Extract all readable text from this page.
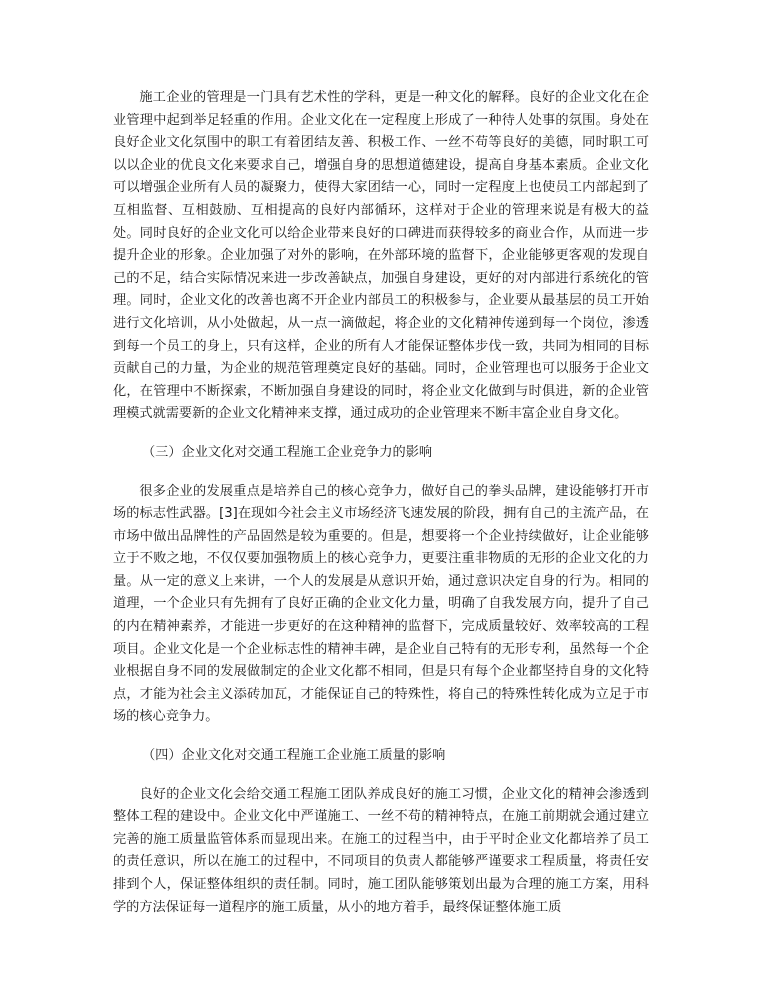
施工企业的管理是一门具有艺术性的学科，更是一种文化的解释。良好的企业文化在企业管理中起到举足轻重的作用。企业文化在一定程度上形成了一种待人处事的氛围。身处在良好企业文化氛围中的职工有着团结友善、积极工作、一丝不苟等良好的美德，同时职工可以以企业的优良文化来要求自己，增强自身的思想道德建设，提高自身基本素质。企业文化可以增强企业所有人员的凝聚力，使得大家团结一心，同时一定程度上也使员工内部起到了互相监督、互相鼓励、互相提高的良好内部循环，这样对于企业的管理来说是有极大的益处。同时良好的企业文化可以给企业带来良好的口碑进而获得较多的商业合作，从而进一步提升企业的形象。企业加强了对外的影响，在外部环境的监督下，企业能够更客观的发现自己的不足，结合实际情况来进一步改善缺点，加强自身建设，更好的对内部进行系统化的管理。同时，企业文化的改善也离不开企业内部员工的积极参与，企业要从最基层的员工开始进行文化培训，从小处做起，从一点一滴做起，将企业的文化精神传递到每一个岗位，渗透到每一个员工的身上，只有这样，企业的所有人才能保证整体步伐一致，共同为相同的目标贡献自己的力量，为企业的规范管理奠定良好的基础。同时，企业管理也可以服务于企业文化，在管理中不断探索，不断加强自身建设的同时，将企业文化做到与时俱进，新的企业管理模式就需要新的企业文化精神来支撑，通过成功的企业管理来不断丰富企业自身文化。

（三）企业文化对交通工程施工企业竞争力的影响

很多企业的发展重点是培养自己的核心竞争力，做好自己的拳头品牌，建设能够打开市场的标志性武器。[3]在现如今社会主义市场经济飞速发展的阶段，拥有自己的主流产品，在市场中做出品牌性的产品固然是较为重要的。但是，想要将一个企业持续做好，让企业能够立于不败之地，不仅仅要加强物质上的核心竞争力，更要注重非物质的无形的企业文化的力量。从一定的意义上来讲，一个人的发展是从意识开始，通过意识决定自身的行为。相同的道理，一个企业只有先拥有了良好正确的企业文化力量，明确了自我发展方向，提升了自己的内在精神素养，才能进一步更好的在这种精神的监督下，完成质量较好、效率较高的工程项目。企业文化是一个企业标志性的精神丰碑，是企业自己特有的无形专利，虽然每一个企业根据自身不同的发展做制定的企业文化都不相同，但是只有每个企业都坚持自身的文化特点，才能为社会主义添砖加瓦，才能保证自己的特殊性，将自己的特殊性转化成为立足于市场的核心竞争力。

（四）企业文化对交通工程施工企业施工质量的影响

良好的企业文化会给交通工程施工团队养成良好的施工习惯，企业文化的精神会渗透到整体工程的建设中。企业文化中严谨施工、一丝不苟的精神特点，在施工前期就会通过建立完善的施工质量监管体系而显现出来。在施工的过程当中，由于平时企业文化都培养了员工的责任意识，所以在施工的过程中，不同项目的负责人都能够严谨要求工程质量，将责任安排到个人，保证整体组织的责任制。同时，施工团队能够策划出最为合理的施工方案，用科学的方法保证每一道程序的施工质量，从小的地方着手，最终保证整体施工质
